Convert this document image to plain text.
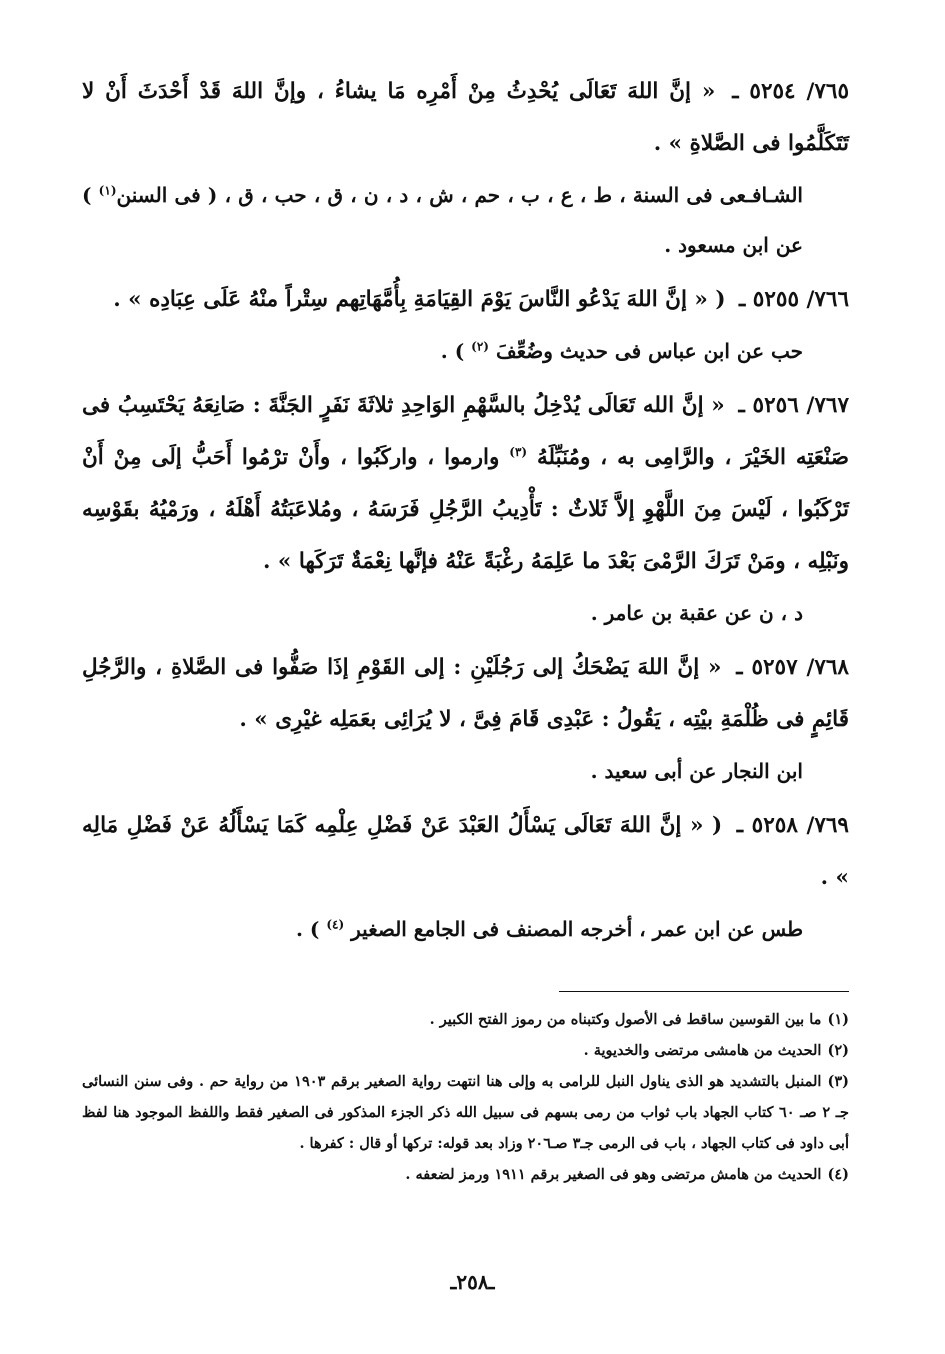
٧٦٥/ ٥٢٥٤ ـ « إنَّ اللهَ تَعَالَى يُحْدِثُ مِنْ أَمْرِه مَا يشاءُ ، وإنَّ اللهَ قَدْ أَحْدَثَ أَنْ لا تَتَكَلَّمُوا فى الصَّلاةِ » .
الشـافـعى فى السنة ، ط ، ع ، ب ، حم ، ش ، د ، ن ، ق ، حب ، ق ، ( فى السنن$^{(١)}$ ) عن ابن مسعود .
٧٦٦/ ٥٢٥٥ ـ ( « إنَّ اللهَ يَدْعُو النَّاسَ يَوْمَ القِيَامَةِ بِأُمَّهَاتِهم سِتْراً منْهُ عَلَى عِبَادِه » .
حب عن ابن عباس فى حديث وضُعِّفَ $^{(٢)}$ ) .
٧٦٧/ ٥٢٥٦ ـ « إنَّ الله تَعَالَى يُدْخِلُ بالسَّهْمِ الوَاحِدِ ثلاثَةَ نَفَرٍ الجَنَّةَ : صَانِعَهُ يَحْتَسِبُ فى صَنْعَتِه الخَيْرَ ، والرَّامِى به ، ومُنَبِّلَهُ $^{(٣)}$ وارموا ، واركَبُوا ، وأَنْ ترْمُوا أَحَبُّ إلَى مِنْ أَنْ تَرْكَبُوا ، لَيْسَ مِنَ اللَّهْوِ إلاَّ ثَلاثٌ : تَأْدِيبُ الرَّجُلِ فَرَسَهُ ، ومُلاعَبَتُهُ أَهْلَهُ ، ورَمْيُهُ بقَوْسِه ونَبْلِه ، ومَنْ تَرَكَ الرَّمْىَ بَعْدَ ما عَلِمَهُ رغْبَةً عَنْهُ فإنَّها نِعْمَةٌ تَرَكَها » .
د ، ن عن عقبة بن عامر .
٧٦٨/ ٥٢٥٧ ـ « إنَّ اللهَ يَضْحَكُ إلى رَجُلَيْنِ : إلى القَوْمِ إذَا صَفُّوا فى الصَّلاةِ ، والرَّجُلِ قَائِمٍ فى ظُلْمَةِ بيْتِه ، يَقُولُ : عَبْدِى قَامَ فِىَّ ، لا يُرَائِى بعَمَلِه غيْرِى » .
ابن النجار عن أبى سعيد .
٧٦٩/ ٥٢٥٨ ـ ( « إنَّ اللهَ تَعَالَى يَسْأَلُ العَبْدَ عَنْ فَضْلِ عِلْمِه كَمَا يَسْأَلُهُ عَنْ فَضْلِ مَالِه » .
طس عن ابن عمر ، أخرجه المصنف فى الجامع الصغير $^{(٤)}$ ) .
(١)ما بين القوسين ساقط فى الأصول وكتبناه من رموز الفتح الكبير .
(٢)الحديث من هامشى مرتضى والخديوية .
(٣)المنبل بالتشديد هو الذى يناول النبل للرامى به وإلى هنا انتهت رواية الصغير برقم ١٩٠٣ من رواية حم . وفى سنن النسائى جـ ٢ صـ ٦٠ كتاب الجهاد باب ثواب من رمى بسهم فى سبيل الله ذكر الجزء المذكور فى الصغير فقط واللفظ الموجود هنا لفظ أبى داود فى كتاب الجهاد ، باب فى الرمى جـ٣ صـ٢٠٦ وزاد بعد قوله: تركها أو قال : كفرها .
(٤)الحديث من هامش مرتضى وهو فى الصغير برقم ١٩١١ ورمز لضعفه .
ـ٢٥٨ـ
